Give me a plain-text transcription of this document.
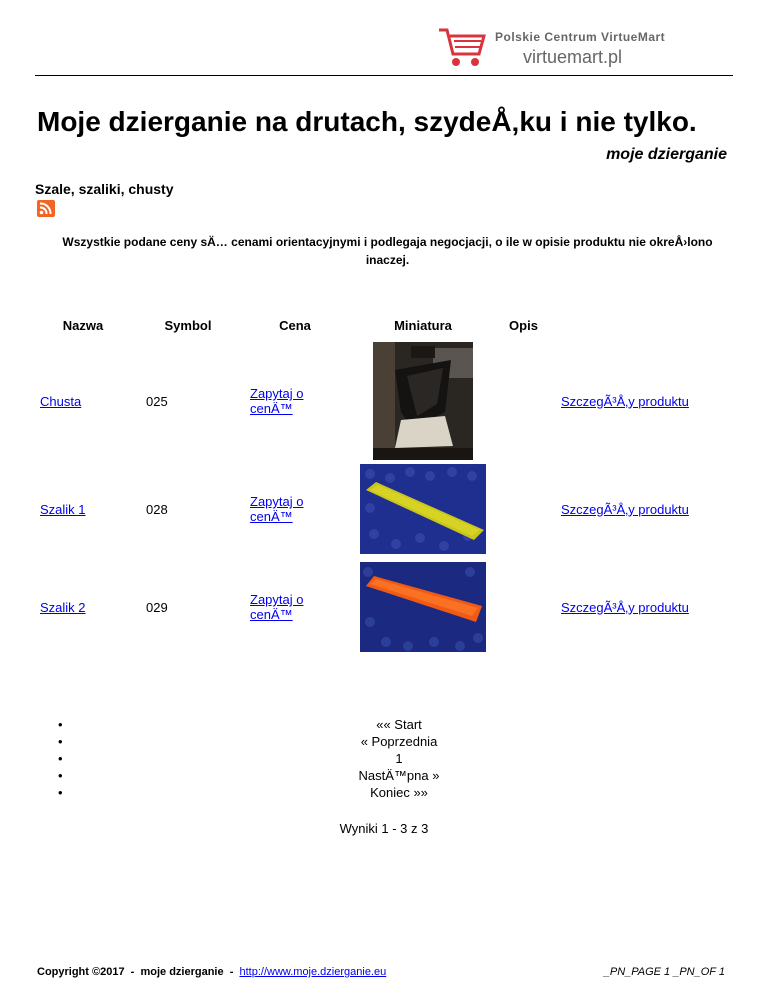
Polskie Centrum VirtueMart
virtuemart.pl
Moje dzierganie na drutach, szydeÅ‚ku i nie tylko.
moje dzierganie
Szale, szaliki, chusty
Wszystkie podane ceny sÄ… cenami orientacyjnymi i podlegaja negocjacji, o ile w opisie produktu nie okreÅ›lono inaczej.
Nazwa	Symbol	Cena	Miniatura	Opis	
Chusta	025	Zapytaj o cenÄ™			SzczegÃ³Å‚y produktu
Szalik 1	028	Zapytaj o cenÄ™			SzczegÃ³Å‚y produktu
Szalik 2	029	Zapytaj o cenÄ™			SzczegÃ³Å‚y produktu
•
•
•
•
•
«« Start
« Poprzednia
1
NastÄ™pna »
Koniec »»
Wyniki 1 - 3 z 3
Copyright ©2017  -  moje dzierganie  -  http://www.moje.dzierganie.eu	_PN_PAGE 1 _PN_OF 1
